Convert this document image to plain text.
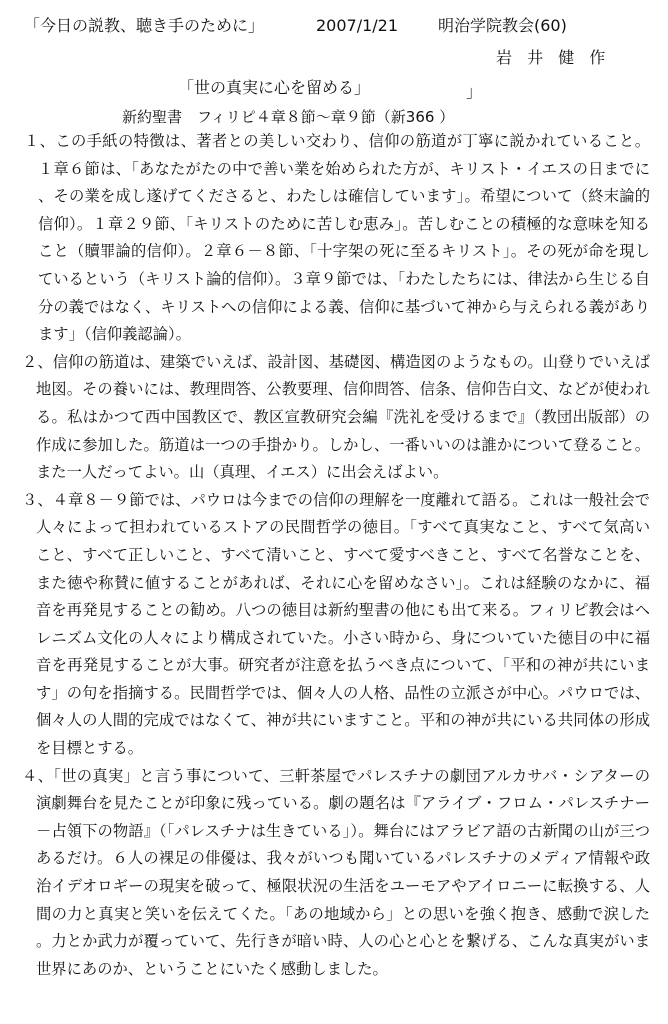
「今日の説教、聴き手のために」	2007/1/21 明治学院教会(60)
岩 井 健 作
「世の真実に心を留める」	」
新約聖書　フィリピ４章８節～章９節（新366 ）

１、この手紙の特徴は、著者との美しい交わり、信仰の筋道が丁寧に説かれていること。１章６節は、「あなたがたの中で善い業を始められた方が、キリスト・イエスの日までに、その業を成し遂げてくださると、わたしは確信しています」。希望について（終末論的信仰）。１章２９節、「キリストのために苦しむ恵み」。苦しむことの積極的な意味を知ること（贖罪論的信仰）。２章６－８節、「十字架の死に至るキリスト」。その死が命を現しているという（キリスト論的信仰）。３章９節では、「わたしたちには、律法から生じる自分の義ではなく、キリストへの信仰による義、信仰に基づいて神から与えられる義があります」（信仰義認論）。

２、信仰の筋道は、建築でいえば、設計図、基礎図、構造図のようなもの。山登りでいえば地図。その養いには、教理問答、公教要理、信仰問答、信条、信仰告白文、などが使われる。私はかつて西中国教区で、教区宣教研究会編『洗礼を受けるまで』（教団出版部）の作成に参加した。筋道は一つの手掛かり。しかし、一番いいのは誰かについて登ること。また一人だってよい。山（真理、イエス）に出会えばよい。

３、４章８－９節では、パウロは今までの信仰の理解を一度離れて語る。これは一般社会で人々によって担われているストアの民間哲学の徳目。「すべて真実なこと、すべて気高いこと、すべて正しいこと、すべて清いこと、すべて愛すべきこと、すべて名誉なことを、また徳や称賛に値することがあれば、それに心を留めなさい」。これは経験のなかに、福音を再発見することの勧め。八つの徳目は新約聖書の他にも出て来る。フィリピ教会はヘレニズム文化の人々により構成されていた。小さい時から、身についていた徳目の中に福音を再発見することが大事。研究者が注意を払うべき点について、「平和の神が共にいます」の句を指摘する。民間哲学では、個々人の人格、品性の立派さが中心。パウロでは、個々人の人間的完成ではなくて、神が共にいますこと。平和の神が共にいる共同体の形成を目標とする。

４、「世の真実」と言う事について、三軒茶屋でパレスチナの劇団アルカサバ・シアターの演劇舞台を見たことが印象に残っている。劇の題名は『アライブ・フロム・パレスチナー－占領下の物語』（「パレスチナは生きている」）。舞台にはアラビア語の古新聞の山が三つあるだけ。６人の裸足の俳優は、我々がいつも聞いているパレスチナのメディア情報や政治イデオロギーの現実を破って、極限状況の生活をユーモアやアイロニーに転換する、人間の力と真実と笑いを伝えてくた。「あの地域から」との思いを強く抱き、感動で涙した。力とか武力が覆っていて、先行きが暗い時、人の心と心とを繋げる、こんな真実がいま世界にあのか、ということにいたく感動しました。
